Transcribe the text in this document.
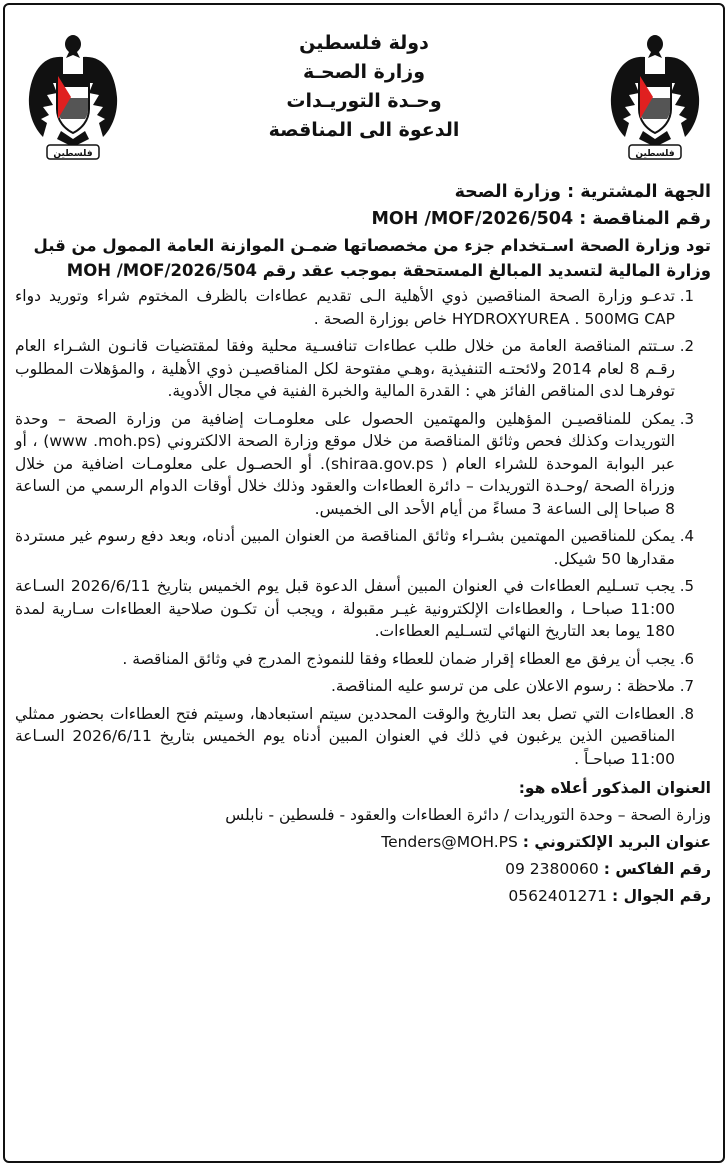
فلسطين	فلسطين
دولة فلسطين
وزارة الصحـة
وحـدة التوريـدات
الدعوة الى المناقصة
الجهة المشترية : وزارة الصحة
رقم المناقصة : MOH /MOF/2026/504
تود وزارة الصحة اسـتخدام جزء من مخصصاتها ضمـن الموازنة العامة الممول من قبل
وزارة المالية لتسديد المبالغ المستحقة بموجب عقد رقم MOH /MOF/2026/504
1. تدعـو وزارة الصحة المناقصين ذوي الأهلية الـى تقديم عطاءات بالظرف المختوم شراء وتوريد دواء HYDROXYUREA . 500MG CAP خاص بوزارة الصحة .
2. سـتتم المناقصة العامة من خلال طلب عطاءات تنافسـية محلية وفقا لمقتضيات قانـون الشـراء العام رقـم 8 لعام 2014 ولائحتـه التنفيذية ،وهـي مفتوحة لكل المناقصيـن ذوي الأهلية ، والمؤهلات المطلوب توفرهـا لدى المناقص الفائز هي : القدرة المالية والخبرة الفنية في مجال الأدوية.
3. يمكن للمناقصيـن المؤهلين والمهتمين الحصول على معلومـات إضافية من وزارة الصحة – وحدة التوريدات وكذلك فحص وثائق المناقصة من خلال موقع وزارة الصحة الالكتروني (www .moh.ps) ، أو عبر البوابة الموحدة للشراء العام ( shiraa.gov.ps). أو الحصـول على معلومـات اضافية من خلال وزراة الصحة /وحـدة التوريدات – دائرة العطاءات والعقود وذلك خلال أوقات الدوام الرسمي من الساعة 8 صباحا إلى الساعة 3 مساءً من أيام الأحد الى الخميس.
4. يمكن للمناقصين المهتمين بشـراء وثائق المناقصة من العنوان المبين أدناه، وبعد دفع رسوم غير مستردة مقدارها 50 شيكل.
5. يجب تسـليم العطاءات في العنوان المبين أسفل الدعوة قبل يوم الخميس بتاريخ 2026/6/11 السـاعة 11:00 صباحـا ، والعطاءات الإلكترونية غيـر مقبولة ، ويجب أن تكـون صلاحية العطاءات سـارية لمدة 180 يوما بعد التاريخ النهائي لتسـليم العطاءات.
6. يجب أن يرفق مع العطاء إقرار ضمان للعطاء وفقا للنموذج المدرج في وثائق المناقصة .
7. ملاحظة : رسوم الاعلان على من ترسو عليه المناقصة.
8. العطاءات التي تصل بعد التاريخ والوقت المحددين سيتم استبعادها، وسيتم فتح العطاءات بحضور ممثلي المناقصين الذين يرغبون في ذلك في العنوان المبين أدناه يوم الخميس بتاريخ 2026/6/11 السـاعة 11:00 صباحـاً .
العنوان المذكور أعلاه هو:
وزارة الصحة – وحدة التوريدات / دائرة العطاءات والعقود - فلسطين - نابلس
عنوان البريد الإلكتروني : Tenders@MOH.PS
رقم الفاكس : 09 2380060
رقم الجوال : 0562401271
